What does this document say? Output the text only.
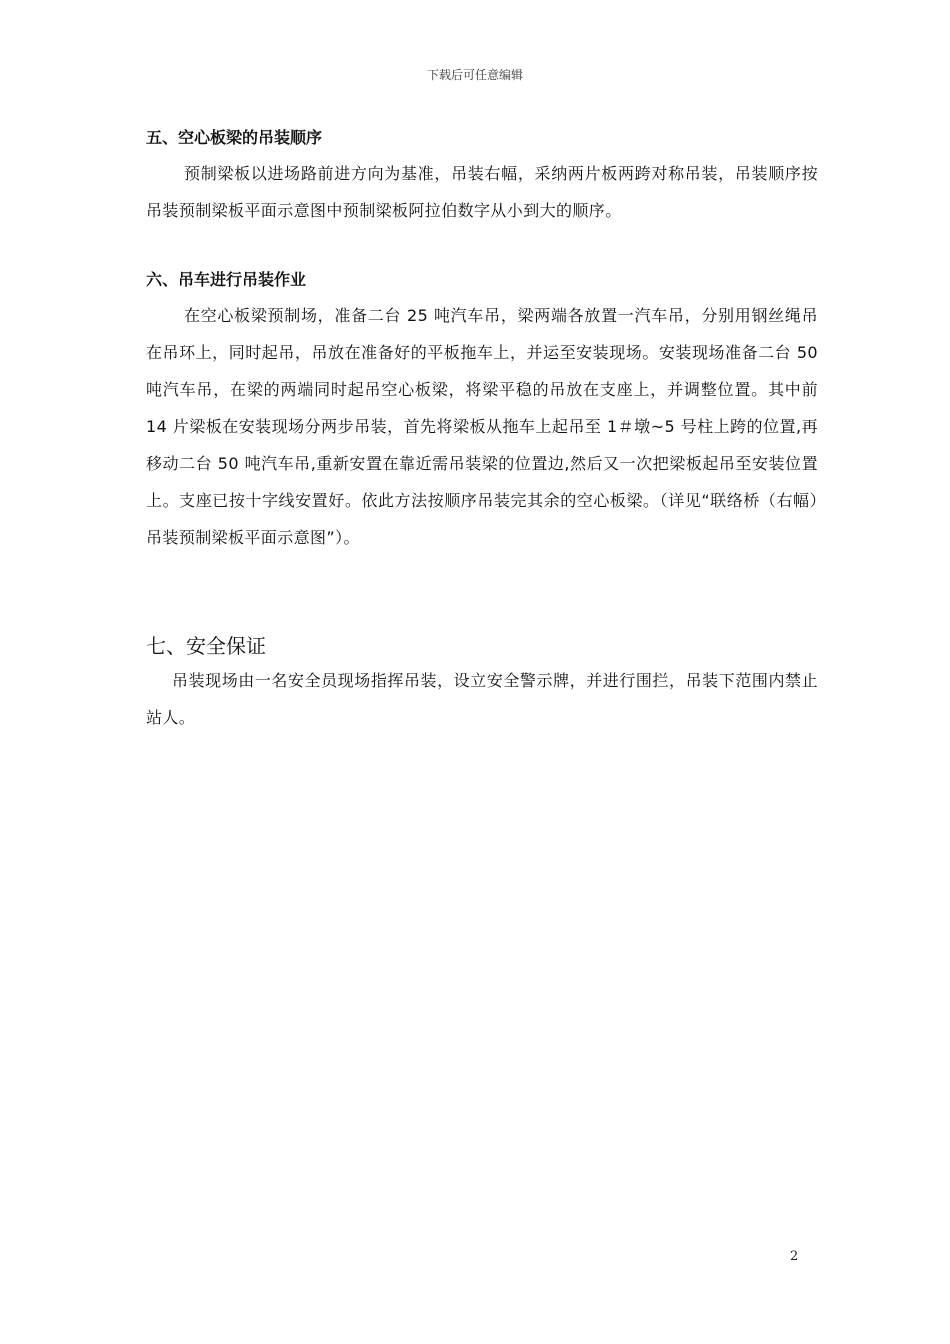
下载后可任意编辑
五、空心板梁的吊装顺序

预制梁板以进场路前进方向为基准，吊装右幅，采纳两片板两跨对称吊装，吊装顺序按吊装预制梁板平面示意图中预制梁板阿拉伯数字从小到大的顺序。

六、吊车进行吊装作业

在空心板梁预制场，准备二台 25 吨汽车吊，梁两端各放置一汽车吊，分别用钢丝绳吊在吊环上，同时起吊，吊放在准备好的平板拖车上，并运至安装现场。安装现场准备二台 50 吨汽车吊，在梁的两端同时起吊空心板梁，将梁平稳的吊放在支座上，并调整位置。其中前 14 片梁板在安装现场分两步吊装，首先将梁板从拖车上起吊至 1＃墩~5 号柱上跨的位置,再移动二台 50 吨汽车吊,重新安置在靠近需吊装梁的位置边,然后又一次把梁板起吊至安装位置上。支座已按十字线安置好。依此方法按顺序吊装完其余的空心板梁。（详见“联络桥（右幅）吊装预制梁板平面示意图”）。

七、安全保证

吊装现场由一名安全员现场指挥吊装，设立安全警示牌，并进行围拦，吊装下范围内禁止站人。

2
